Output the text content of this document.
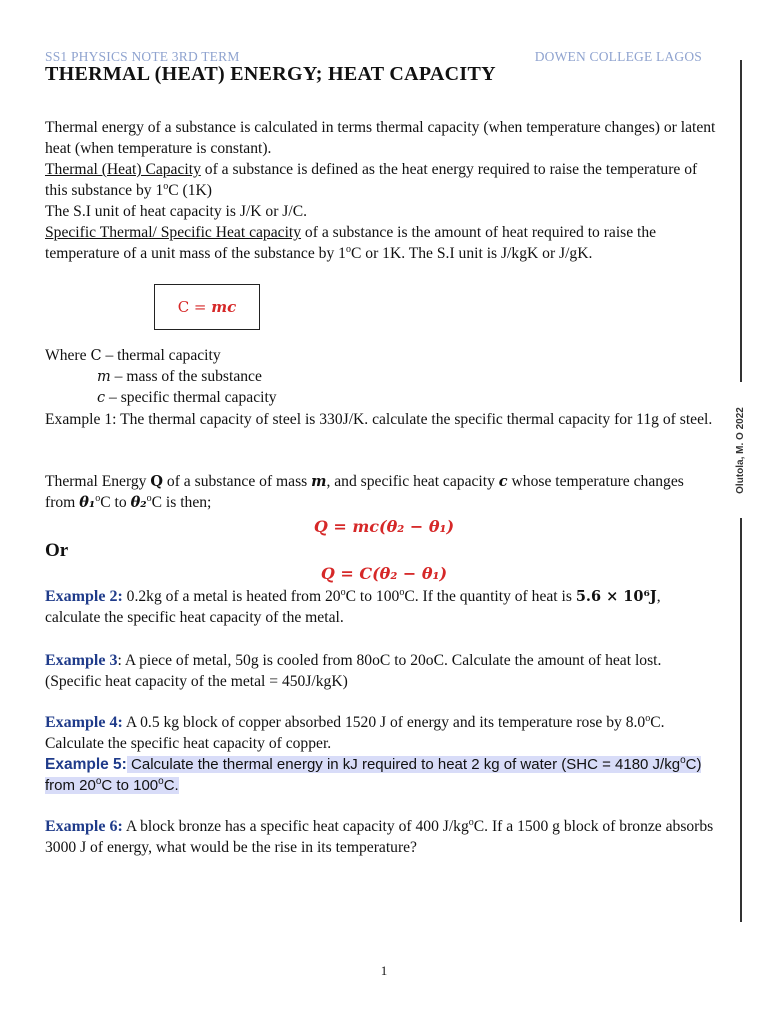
SS1 PHYSICS NOTE 3RD TERM	DOWEN COLLEGE LAGOS
THERMAL (HEAT) ENERGY; HEAT CAPACITY

Thermal energy of a substance is calculated in terms thermal capacity (when temperature changes) or latent heat (when temperature is constant).
Thermal (Heat) Capacity of a substance is defined as the heat energy required to raise the temperature of this substance by 1$^o$C (1K)
The S.I unit of heat capacity is J/K or J/C.
Specific Thermal/ Specific Heat capacity of a substance is the amount of heat required to raise the temperature of a unit mass of the substance by 1$^o$C or 1K. The S.I unit is J/kgK or J/gK.

C = mc

Where C – thermal capacity

m – mass of the substance

c – specific thermal capacity

Example 1: The thermal capacity of steel is 330J/K. calculate the specific thermal capacity for 11g of steel.

Thermal Energy Q of a substance of mass m, and specific heat capacity c whose temperature changes from θ₁$^o$C to θ₂$^o$C is then;

Q = mc(θ₂ − θ₁)

Or

Q = C(θ₂ − θ₁)

Example 2: 0.2kg of a metal is heated from 20$^o$C to 100$^o$C. If the quantity of heat is 5.6 × 10⁶J, calculate the specific heat capacity of the metal.

Example 3: A piece of metal, 50g is cooled from 80oC to 20oC. Calculate the amount of heat lost. (Specific heat capacity of the metal = 450J/kgK)

Example 4: A 0.5 kg block of copper absorbed 1520 J of energy and its temperature rose by 8.0$^o$C. Calculate the specific heat capacity of copper.

Example 5: Calculate the thermal energy in kJ required to heat 2 kg of water (SHC = 4180 $J/kg^oC$) from 20$^o$C to 100$^o$C.

Example 6: A block bronze has a specific heat capacity of 400 $J/kg^oC$. If a 1500 g block of bronze absorbs 3000 J of energy, what would be the rise in its temperature?

Olutola, M. O 2022

1
